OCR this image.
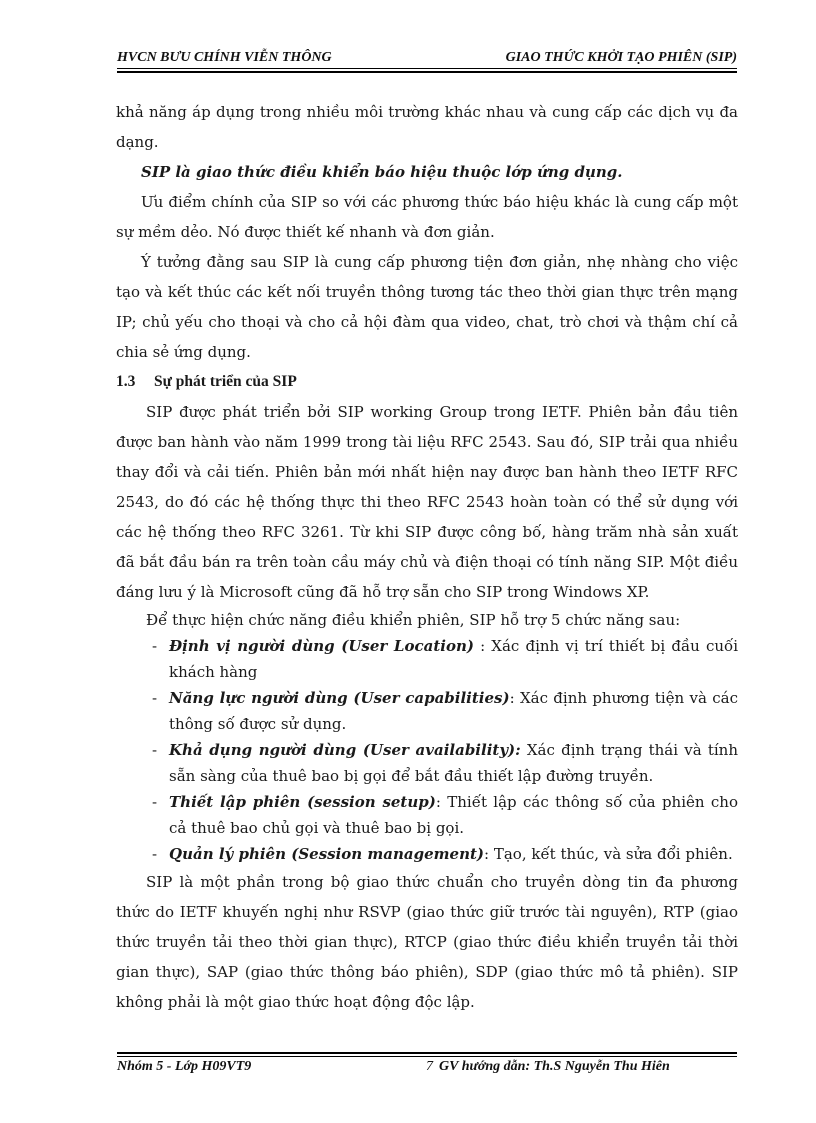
HVCN BƯU CHÍNH VIỄN THÔNG	GIAO THỨC KHỞI TẠO PHIÊN (SIP)

khả năng áp dụng trong nhiều môi trường khác nhau và cung cấp các dịch vụ đa dạng.

SIP là giao thức điều khiển báo hiệu thuộc lớp ứng dụng.

Ưu điểm chính của SIP so với các phương thức báo hiệu khác là cung cấp một sự mềm dẻo. Nó được thiết kế nhanh và đơn giản.

Ý tưởng đằng sau SIP là cung cấp phương tiện đơn giản, nhẹ nhàng cho việc tạo và kết thúc các kết nối truyền thông tương tác theo thời gian thực trên mạng IP; chủ yếu cho thoại và cho cả hội đàm qua video, chat, trò chơi và thậm chí cả chia sẻ ứng dụng.

1.3 Sự phát triển của SIP

SIP được phát triển bởi SIP working Group trong IETF. Phiên bản đầu tiên được ban hành vào năm 1999 trong tài liệu RFC 2543. Sau đó, SIP trải qua nhiều thay đổi và cải tiến. Phiên bản mới nhất hiện nay được ban hành theo IETF RFC 2543, do đó các hệ thống thực thi theo RFC 2543 hoàn toàn có thể sử dụng với các hệ thống theo RFC 3261. Từ khi SIP được công bố, hàng trăm nhà sản xuất đã bắt đầu bán ra trên toàn cầu máy chủ và điện thoại có tính năng SIP. Một điều đáng lưu ý là Microsoft cũng đã hỗ trợ sẵn cho SIP trong Windows XP.

Để thực hiện chức năng điều khiển phiên, SIP hỗ trợ 5 chức năng sau:

- Định vị người dùng (User Location) : Xác định vị trí thiết bị đầu cuối khách hàng
- Năng lực người dùng (User capabilities): Xác định phương tiện và các thông số được sử dụng.
- Khả dụng người dùng (User availability): Xác định trạng thái và tính sẵn sàng của thuê bao bị gọi để bắt đầu thiết lập đường truyền.
- Thiết lập phiên (session setup): Thiết lập các thông số của phiên cho cả thuê bao chủ gọi và thuê bao bị gọi.
- Quản lý phiên (Session management): Tạo, kết thúc, và sửa đổi phiên.

SIP là một phần trong bộ giao thức chuẩn cho truyền dòng tin đa phương thức do IETF khuyến nghị như RSVP (giao thức giữ trước tài nguyên), RTP (giao thức truyền tải theo thời gian thực), RTCP (giao thức điều khiển truyền tải thời gian thực), SAP (giao thức thông báo phiên), SDP (giao thức mô tả phiên). SIP không phải là một giao thức hoạt động độc lập.

Nhóm 5 - Lớp H09VT9	7 GV hướng dẫn: Th.S Nguyễn Thu Hiên
